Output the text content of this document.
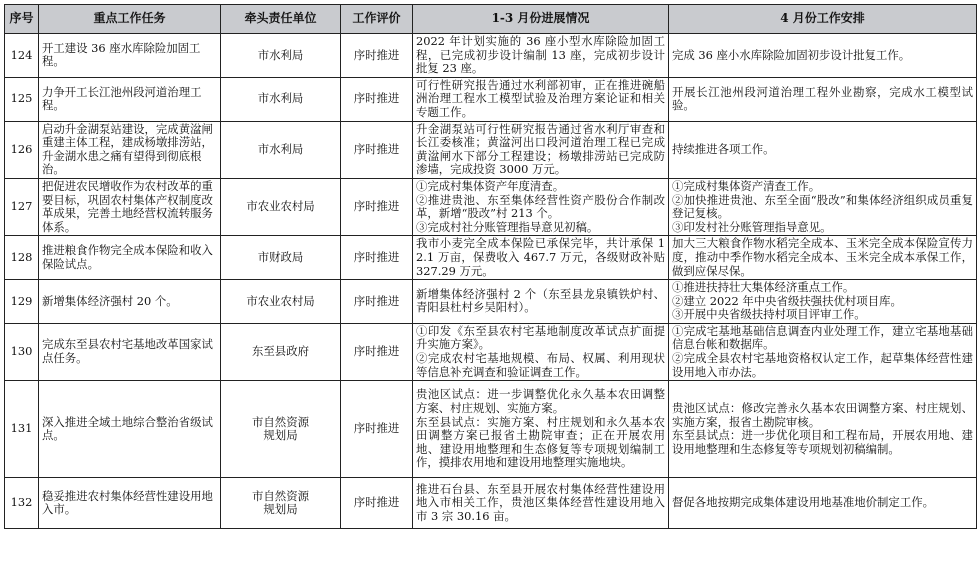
序号	重点工作任务	牵头责任单位	工作评价	1-3 月份进展情况	4 月份工作安排
124	开工建设 36 座水库除险加固工程。	市水利局	序时推进	2022 年计划实施的 36 座小型水库除险加固工程，已完成初步设计编制 13 座，完成初步设计批复 23 座。	完成 36 座小水库除险加固初步设计批复工作。
125	力争开工长江池州段河道治理工程。	市水利局	序时推进	可行性研究报告通过水利部初审，正在推进碗船洲治理工程水工模型试验及治理方案论证和相关专题工作。	开展长江池州段河道治理工程外业勘察，完成水工模型试验。
126	启动升金湖泵站建设，完成黄湓闸重建主体工程，建成杨墩排涝站，升金湖水患之痛有望得到彻底根治。	市水利局	序时推进	升金湖泵站可行性研究报告通过省水利厅审查和长江委核准；黄湓河出口段河道治理工程已完成黄湓闸水下部分工程建设；杨墩排涝站已完成防渗墙，完成投资 3000 万元。	持续推进各项工作。
127	把促进农民增收作为农村改革的重要目标，巩固农村集体产权制度改革成果，完善土地经营权流转服务体系。	市农业农村局	序时推进	①完成村集体资产年度清查。
②推进贵池、东至集体经营性资产股份合作制改革，新增“股改”村 213 个。
③完成村社分账管理指导意见初稿。	①完成村集体资产清查工作。
②加快推进贵池、东至全面“股改”和集体经济组织成员重复登记复核。
③印发村社分账管理指导意见。
128	推进粮食作物完全成本保险和收入保险试点。	市财政局	序时推进	我市小麦完全成本保险已承保完毕，共计承保 12.1 万亩，保费收入 467.7 万元，各级财政补贴 327.29 万元。	加大三大粮食作物水稻完全成本、玉米完全成本保险宣传力度，推动中季作物水稻完全成本、玉米完全成本承保工作，做到应保尽保。
129	新增集体经济强村 20 个。	市农业农村局	序时推进	新增集体经济强村 2 个（东至县龙泉镇铁炉村、青阳县杜村乡吴阳村）。	①推进扶持壮大集体经济重点工作。
②建立 2022 年中央省级扶强扶优村项目库。
③开展中央省级扶持村项目评审工作。
130	完成东至县农村宅基地改革国家试点任务。	东至县政府	序时推进	①印发《东至县农村宅基地制度改革试点扩面提升实施方案》。
②完成农村宅基地规模、布局、权属、利用现状等信息补充调查和验证调查工作。	①完成宅基地基础信息调查内业处理工作，建立宅基地基础信息台帐和数据库。
②完成全县农村宅基地资格权认定工作，起草集体经营性建设用地入市办法。
131	深入推进全域土地综合整治省级试点。	市自然资源
规划局	序时推进	贵池区试点：进一步调整优化永久基本农田调整方案、村庄规划、实施方案。
东至县试点：实施方案、村庄规划和永久基本农田调整方案已报省土勘院审查；正在开展农用地、建设用地整理和生态修复等专项规划编制工作，摸排农用地和建设用地整理实施地块。	贵池区试点：修改完善永久基本农田调整方案、村庄规划、实施方案，报省土勘院审核。
东至县试点：进一步优化项目和工程布局，开展农用地、建设用地整理和生态修复等专项规划初稿编制。
132	稳妥推进农村集体经营性建设用地入市。	市自然资源
规划局	序时推进	推进石台县、东至县开展农村集体经营性建设用地入市相关工作，贵池区集体经营性建设用地入市 3 宗 30.16 亩。	督促各地按期完成集体建设用地基准地价制定工作。
